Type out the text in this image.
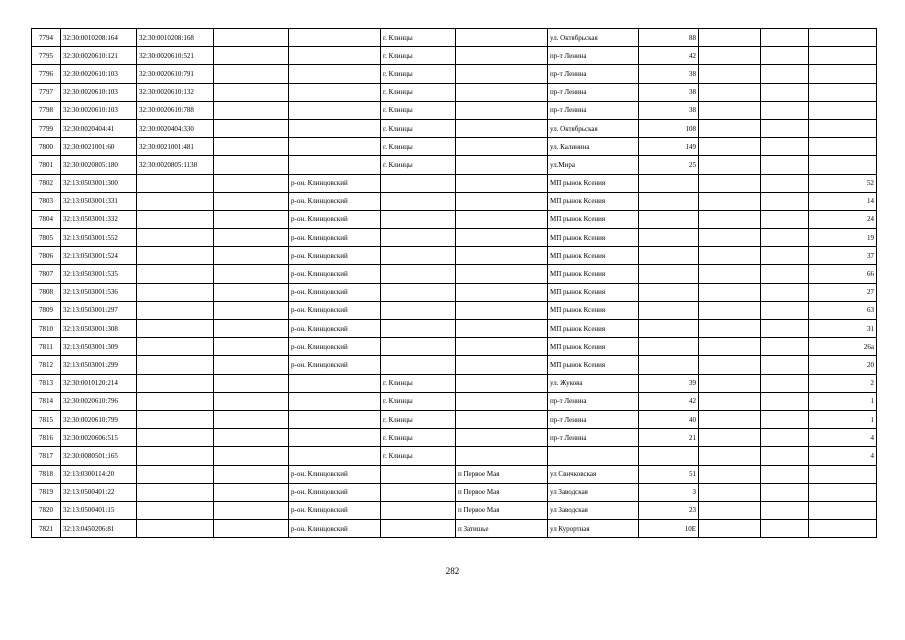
7794	32:30:0010208:164	32:30:0010208:168			г. Клинцы		ул. Октябрьская	88			
7795	32:30:0020610:121	32:30:0020610:521			г. Клинцы		пр-т Ленина	42			
7796	32:30:0020610:103	32:30:0020610:791			г. Клинцы		пр-т Ленина	38			
7797	32:30:0020610:103	32:30:0020610:132			г. Клинцы		пр-т Ленина	38			
7798	32:30:0020610:103	32:30:0020610:788			г. Клинцы		пр-т Ленина	38			
7799	32:30:0020404:41	32:30:0020404:330			г. Клинцы		ул. Октябрьская	108			
7800	32:30:0021001:60	32:30:0021001:481			г. Клинцы		ул. Калинина	149			
7801	32:30:0020805:180	32:30:0020805:1138			г. Клинцы		ул.Мира	25			
7802	32:13:0503001:300			р-он. Клинцовский			МП рынок Ксения				52
7803	32:13:0503001:331			р-он. Клинцовский			МП рынок Ксения				14
7804	32:13:0503001:332			р-он. Клинцовский			МП рынок Ксения				24
7805	32:13:0503001:552			р-он. Клинцовский			МП рынок Ксения				19
7806	32:13:0503001:524			р-он. Клинцовский			МП рынок Ксения				37
7807	32:13:0503001:535			р-он. Клинцовский			МП рынок Ксения				66
7808	32:13:0503001:536			р-он. Клинцовский			МП рынок Ксения				27
7809	32:13:0503001:297			р-он. Клинцовский			МП рынок Ксения				63
7810	32:13:0503001:308			р-он. Клинцовский			МП рынок Ксения				31
7811	32:13:0503001:309			р-он. Клинцовский			МП рынок Ксения				26а
7812	32:13:0503001:299			р-он. Клинцовский			МП рынок Ксения				20
7813	32:30:0010120:214				г. Клинцы		ул. Жукова	39			2
7814	32:30:0020610:796				г. Клинцы		пр-т Ленина	42			1
7815	32:30:0020610:799				г. Клинцы		пр-т Ленина	40			1
7816	32:30:0020606:515				г. Клинцы		пр-т Ленина	21			4
7817	32:30:0080501:165				г. Клинцы						4
7818	32:13:0300114:20			р-он. Клинцовский		п Первое Мая	ул Свичковская	51			
7819	32:13:0500401:22			р-он. Клинцовский		п Первое Мая	ул Заводская	3			
7820	32:13:0500401:15			р-он. Клинцовский		п Первое Мая	ул Заводская	23			
7821	32:13:0450206:81			р-он. Клинцовский		п Затишье	ул Курортная	10Е			
282
